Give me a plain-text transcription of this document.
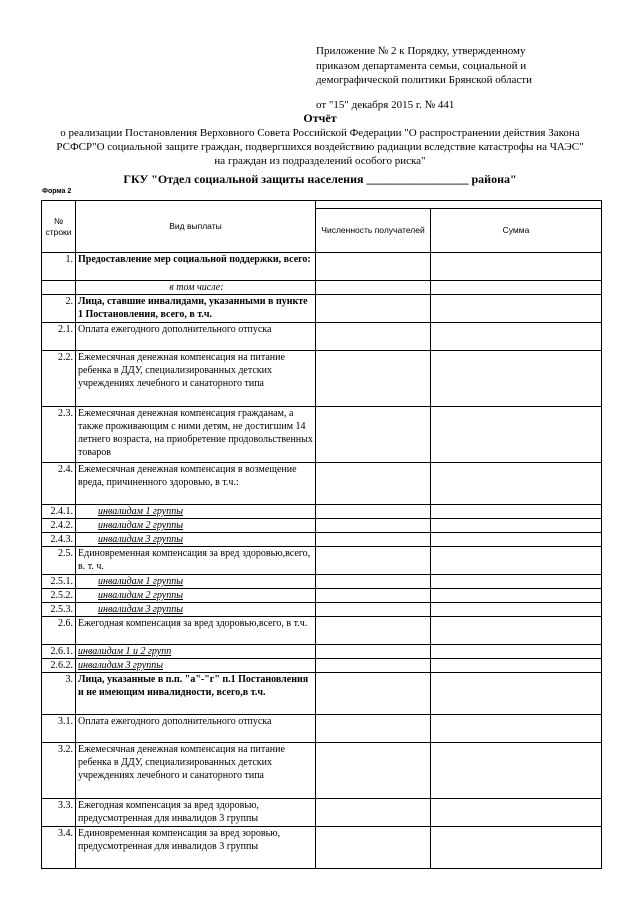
Приложение № 2 к Порядку, утвержденному
приказом департамента семьи, социальной и
демографической политики Брянской области
от "15" декабря 2015 г. № 441
Отчёт
о реализации Постановления Верховного Совета Российской Федерации "О распространении действия Закона
РСФСР"О социальной защите граждан, подвергшихся воздействию радиации вследствие катастрофы на ЧАЭС"
на граждан из подразделений особого риска"
ГКУ "Отдел социальной защиты населения _________________ района"
Форма 2
№ строки	Вид выплаты		
		Численность получателей	Сумма
1.	Предоставление мер социальной поддержки, всего:		
	в том числе:		
2.	Лица, ставшие инвалидами, указанными в пункте 1 Постановления, всего, в т.ч.		
2.1.	Оплата ежегодного дополнительного отпуска		
2.2.	Ежемесячная денежная компенсация на питание ребенка в ДДУ, специализированных детских учреждениях лечебного и санаторного типа		
2.3.	Ежемесячная денежная компенсация гражданам, а также проживающим с ними детям, не достигшим 14 летнего возраста, на приобретение продовольственных товаров		
2.4.	Ежемесячная денежная компенсация в возмещение вреда, причиненного здоровью, в т.ч.:		
2.4.1.	инвалидам 1 группы		
2.4.2.	инвалидам 2 группы		
2.4.3.	инвалидам 3 группы		
2.5.	Единовременная компенсация за вред здоровью,всего, в. т. ч.		
2.5.1.	инвалидам 1 группы		
2.5.2.	инвалидам 2 группы		
2.5.3.	инвалидам 3 группы		
2.6.	Ежегодная компенсация за вред здоровью,всего, в т.ч.		
2.6.1.	инвалидам 1 и 2 групп		
2.6.2.	инвалидам 3 группы		
3.	Лица, указанные в п.п. "а"-"г" п.1 Постановления и не имеющим инвалидности, всего,в т.ч.		
3.1.	Оплата ежегодного дополнительного отпуска		
3.2.	Ежемесячная денежная компенсация на питание ребенка в ДДУ, специализированных детских учреждениях лечебного и санаторного типа		
3.3.	Ежегодная компенсация за вред здоровью, предусмотренная для инвалидов 3 группы		
3.4.	Единовременная компенсация за вред зоровью, предусмотренная для инвалидов 3 группы		
